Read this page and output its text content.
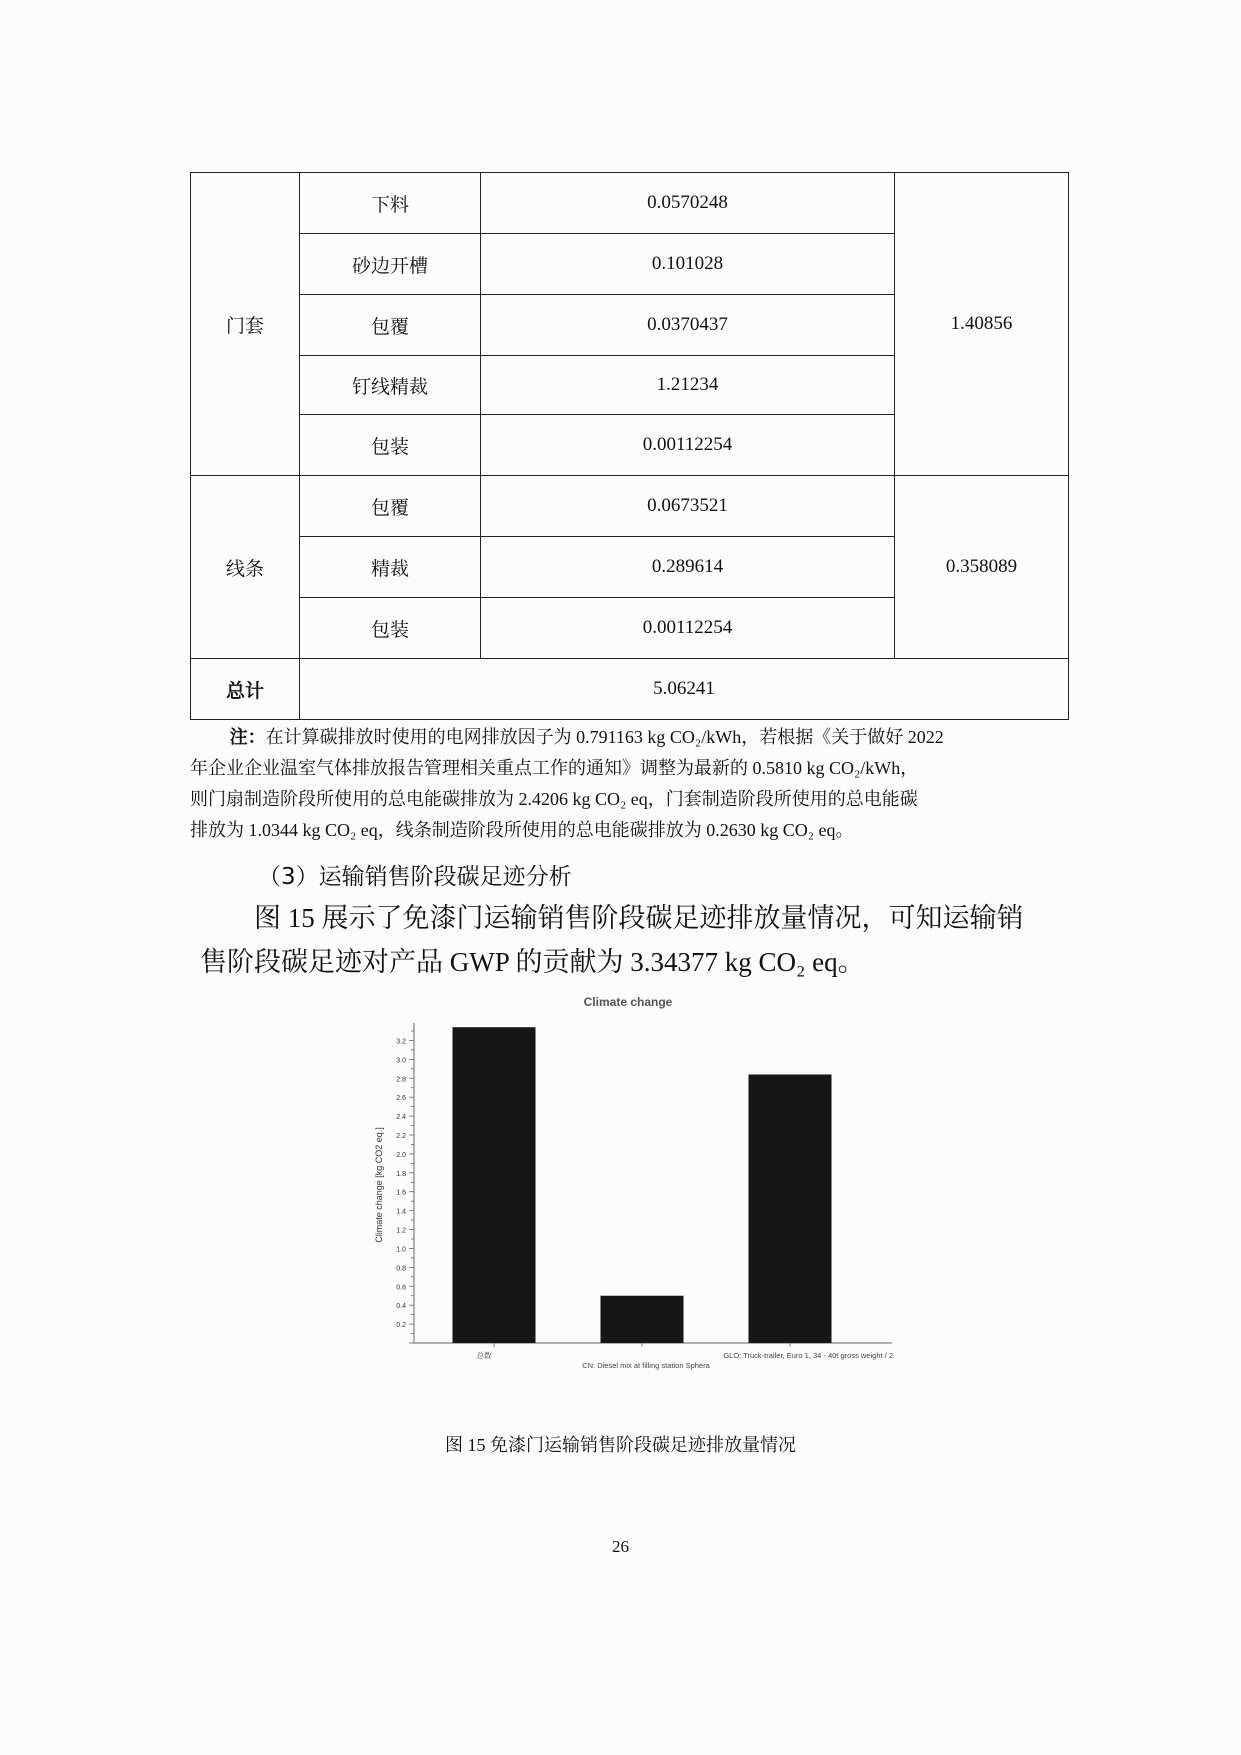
门套	下料	0.0570248	1.40856
	砂边开槽	0.101028	
	包覆	0.0370437	
	钉线精裁	1.21234	
	包装	0.00112254	
线条	包覆	0.0673521	0.358089
	精裁	0.289614	
	包装	0.00112254	
总计	5.06241		
注：在计算碳排放时使用的电网排放因子为 0.791163 kg CO₂/kWh，若根据《关于做好 2022
年企业企业温室气体排放报告管理相关重点工作的通知》调整为最新的 0.5810 kg CO₂/kWh，
则门扇制造阶段所使用的总电能碳排放为 2.4206 kg CO₂ eq，门套制造阶段所使用的总电能碳
排放为 1.0344 kg CO₂ eq，线条制造阶段所使用的总电能碳排放为 0.2630 kg CO₂ eq。
（3）运输销售阶段碳足迹分析
图 15 展示了免漆门运输销售阶段碳足迹排放量情况，可知运输销
售阶段碳足迹对产品 GWP 的贡献为 3.34377 kg CO₂ eq。
Climate change
Climate change [kg CO2 eq.]
0.2
0.4
0.6
0.8
1.0
1.2
1.4
1.6
1.8
2.0
2.2
2.4
2.6
2.8
3.0
3.2
总数
CN: Diesel mix at filling station Sphera
GLO: Truck-trailer, Euro 1, 34 - 40t gross weight / 2
图 15 免漆门运输销售阶段碳足迹排放量情况
26
